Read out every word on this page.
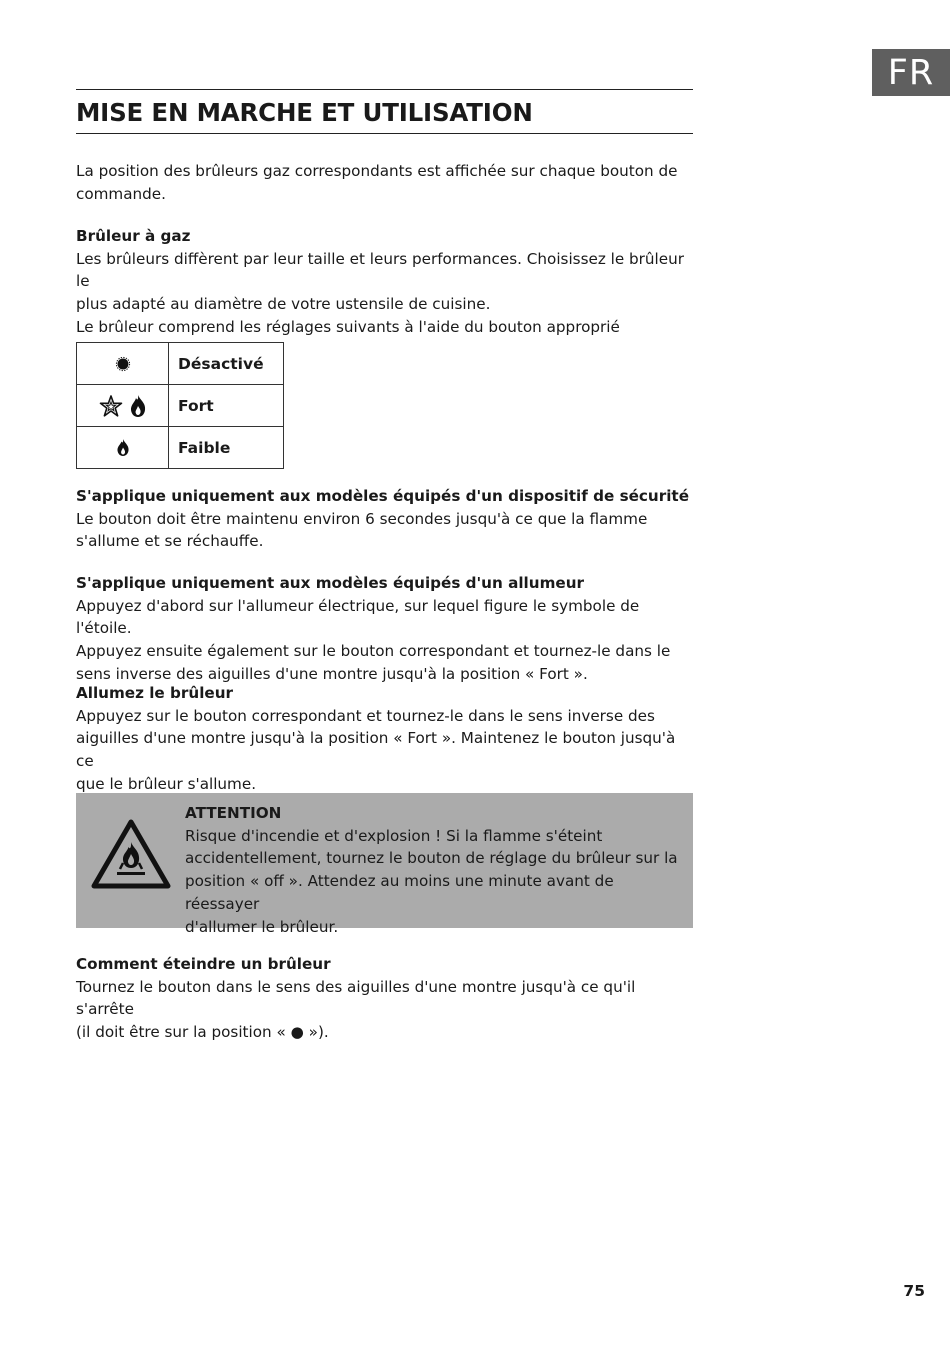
FR
MISE EN MARCHE ET UTILISATION

La position des brûleurs gaz correspondants est affichée sur chaque bouton de

commande.

Brûleur à gaz

Les brûleurs diffèrent par leur taille et leurs performances. Choisissez le brûleur le

plus adapté au diamètre de votre ustensile de cuisine.

Le brûleur comprend les réglages suivants à l'aide du bouton approprié

	Désactivé

	Fort
	Faible

S'applique uniquement aux modèles équipés d'un dispositif de sécurité

Le bouton doit être maintenu environ 6 secondes jusqu'à ce que la flamme

s'allume et se réchauffe.

S'applique uniquement aux modèles équipés d'un allumeur

Appuyez d'abord sur l'allumeur électrique, sur lequel figure le symbole de l'étoile.

Appuyez ensuite également sur le bouton correspondant et tournez-le dans le

sens inverse des aiguilles d'une montre jusqu'à la position « Fort ».

Allumez le brûleur

Appuyez sur le bouton correspondant et tournez-le dans le sens inverse des

aiguilles d'une montre jusqu'à la position « Fort ». Maintenez le bouton jusqu'à ce

que le brûleur s'allume.

ATTENTION

Risque d'incendie et d'explosion ! Si la flamme s'éteint

accidentellement, tournez le bouton de réglage du brûleur sur la

position « off ». Attendez au moins une minute avant de réessayer

d'allumer le brûleur.

Comment éteindre un brûleur

Tournez le bouton dans le sens des aiguilles d'une montre jusqu'à ce qu'il s'arrête

(il doit être sur la position « ● »).

75
